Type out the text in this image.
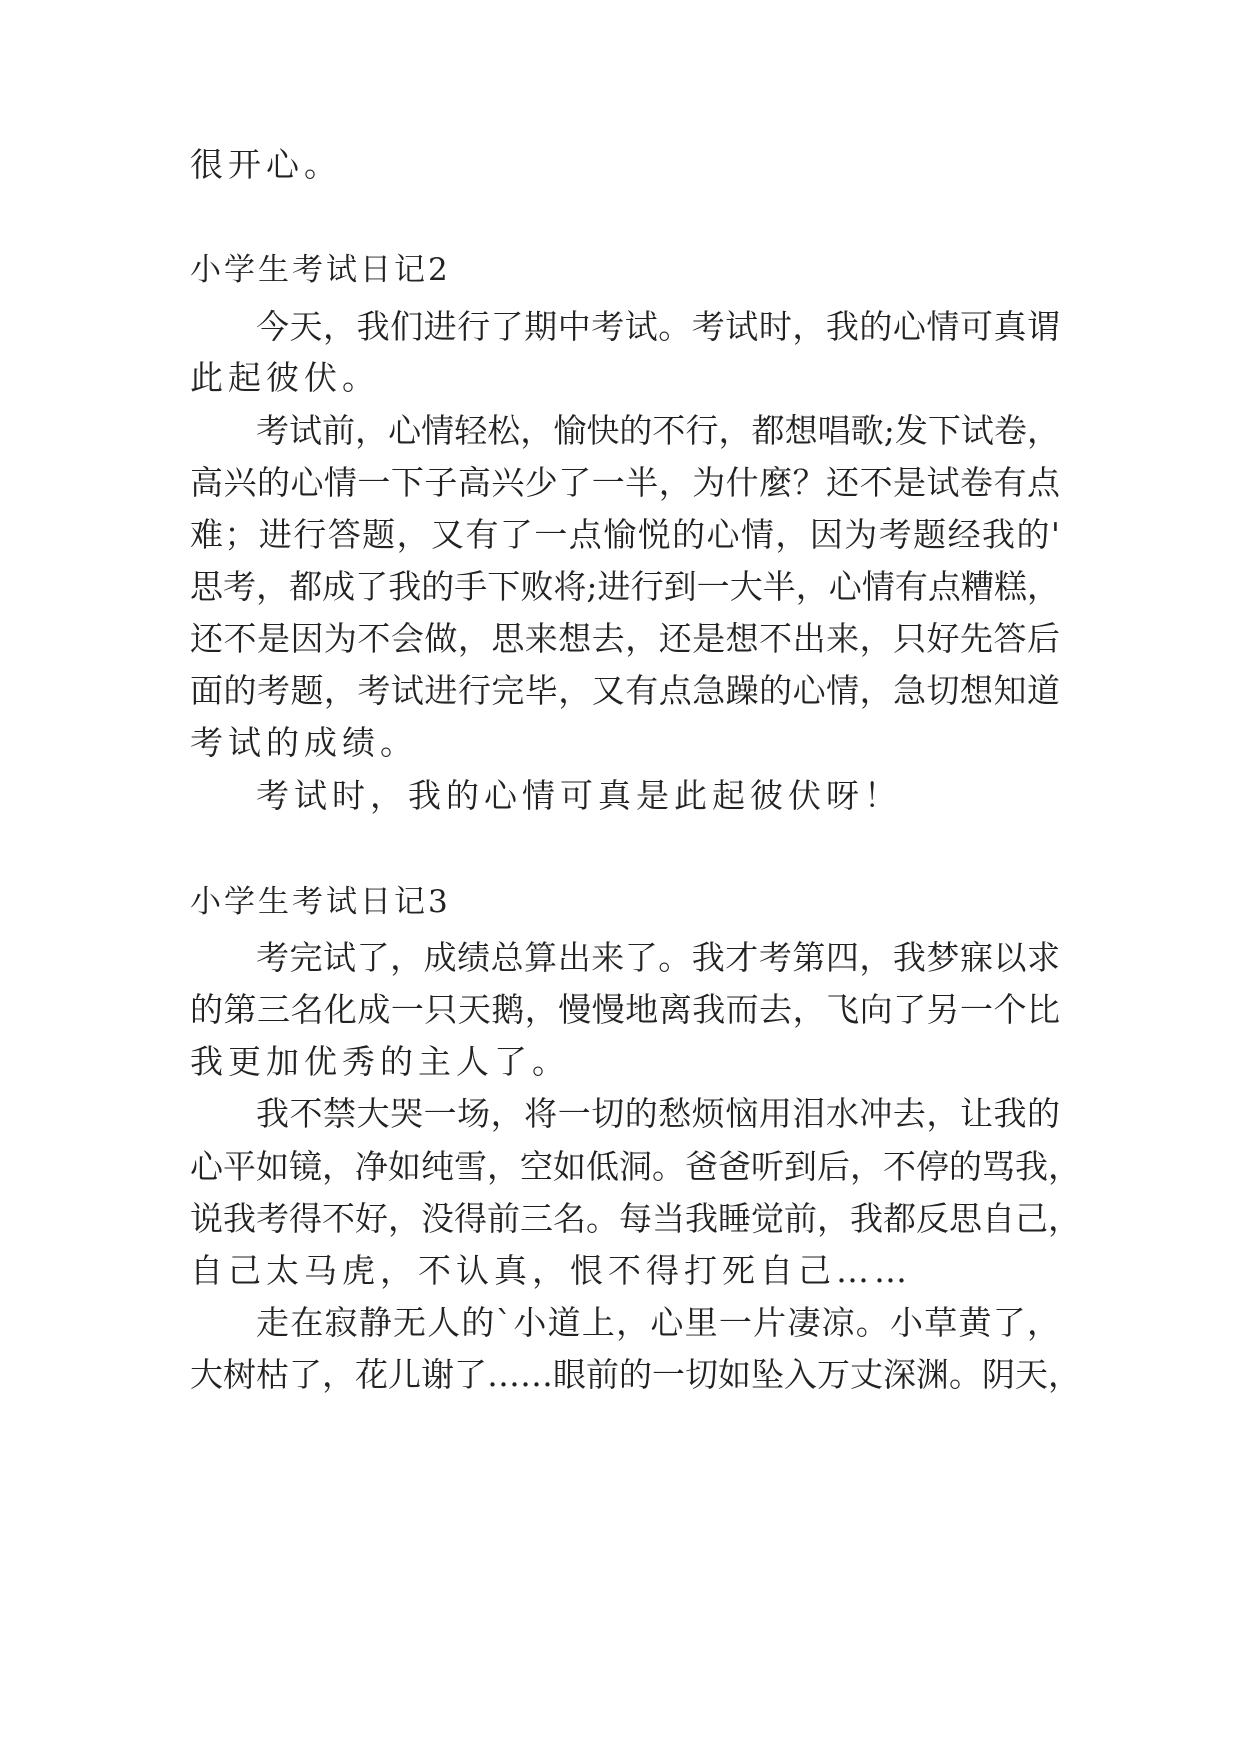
很开心。
小学生考试日记2
今天，我们进行了期中考试。考试时，我的心情可真谓
此起彼伏。
考试前，心情轻松，愉快的不行，都想唱歌;发下试卷，
高兴的心情一下子高兴少了一半，为什麼？还不是试卷有点
难；进行答题，又有了一点愉悦的心情，因为考题经我的'
思考，都成了我的手下败将;进行到一大半，心情有点糟糕，
还不是因为不会做，思来想去，还是想不出来，只好先答后
面的考题，考试进行完毕，又有点急躁的心情，急切想知道
考试的成绩。
考试时，我的心情可真是此起彼伏呀！
小学生考试日记3
考完试了，成绩总算出来了。我才考第四，我梦寐以求
的第三名化成一只天鹅，慢慢地离我而去，飞向了另一个比
我更加优秀的主人了。
我不禁大哭一场，将一切的愁烦恼用泪水冲去，让我的
心平如镜，净如纯雪，空如低洞。爸爸听到后，不停的骂我，
说我考得不好，没得前三名。每当我睡觉前，我都反思自己，
自己太马虎，不认真，恨不得打死自己……
走在寂静无人的`小道上，心里一片凄凉。小草黄了，
大树枯了，花儿谢了……眼前的一切如坠入万丈深渊。阴天，
